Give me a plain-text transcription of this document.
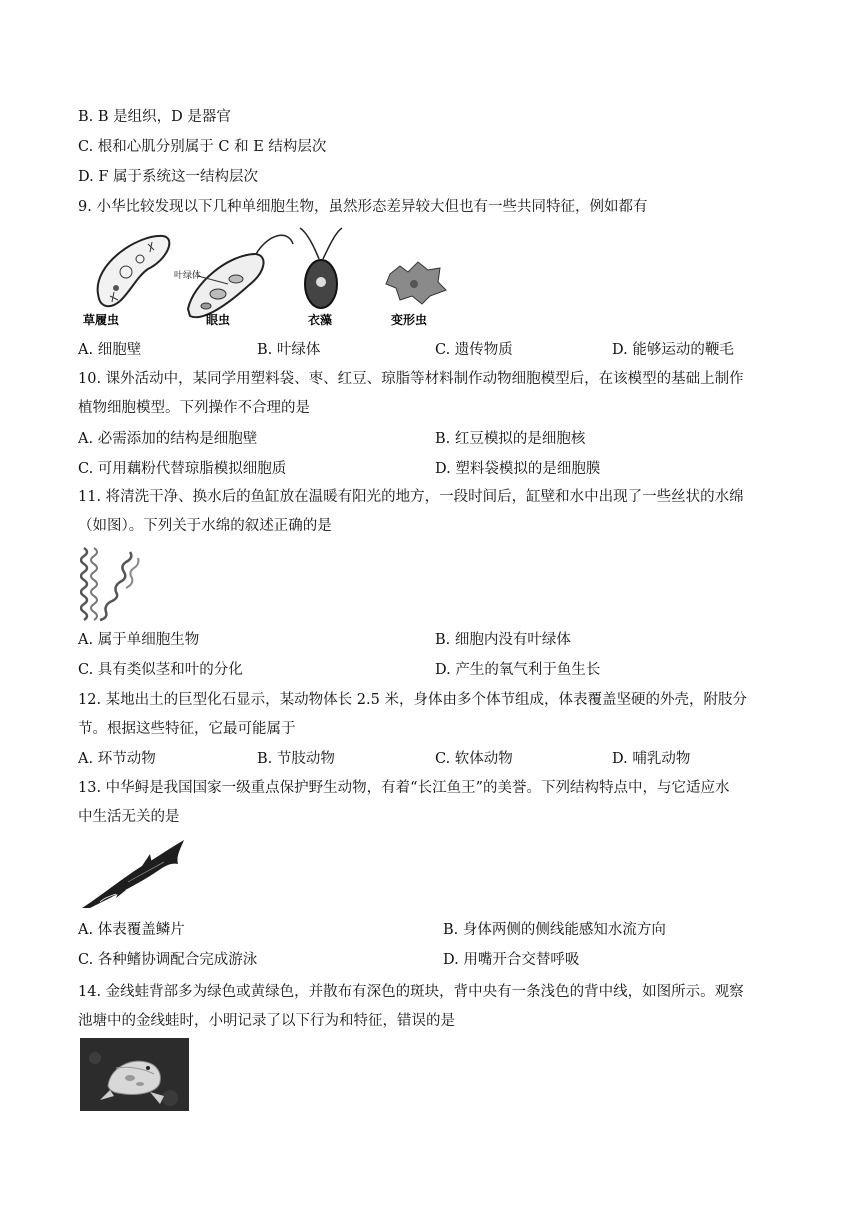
B. B 是组织，D 是器官
C. 根和心肌分别属于 C 和 E 结构层次
D. F 属于系统这一结构层次
9. 小华比较发现以下几种单细胞生物，虽然形态差异较大但也有一些共同特征，例如都有
叶绿体
草履虫	眼虫	衣藻	变形虫
A. 细胞壁	B. 叶绿体	C. 遗传物质	D. 能够运动的鞭毛
10. 课外活动中，某同学用塑料袋、枣、红豆、琼脂等材料制作动物细胞模型后，在该模型的基础上制作
植物细胞模型。下列操作不合理的是
A. 必需添加的结构是细胞壁	B. 红豆模拟的是细胞核
C. 可用藕粉代替琼脂模拟细胞质	D. 塑料袋模拟的是细胞膜
11. 将清洗干净、换水后的鱼缸放在温暖有阳光的地方，一段时间后，缸壁和水中出现了一些丝状的水绵
（如图）。下列关于水绵的叙述正确的是
A. 属于单细胞生物	B. 细胞内没有叶绿体
C. 具有类似茎和叶的分化	D. 产生的氧气利于鱼生长
12. 某地出土的巨型化石显示，某动物体长 2.5 米，身体由多个体节组成，体表覆盖坚硬的外壳，附肢分
节。根据这些特征，它最可能属于
A. 环节动物	B. 节肢动物	C. 软体动物	D. 哺乳动物
13. 中华鲟是我国国家一级重点保护野生动物，有着“长江鱼王”的美誉。下列结构特点中，与它适应水
中生活无关的是
A. 体表覆盖鳞片	B. 身体两侧的侧线能感知水流方向
C. 各种鳍协调配合完成游泳	D. 用嘴开合交替呼吸
14. 金线蛙背部多为绿色或黄绿色，并散布有深色的斑块，背中央有一条浅色的背中线，如图所示。观察
池塘中的金线蛙时，小明记录了以下行为和特征，错误的是
